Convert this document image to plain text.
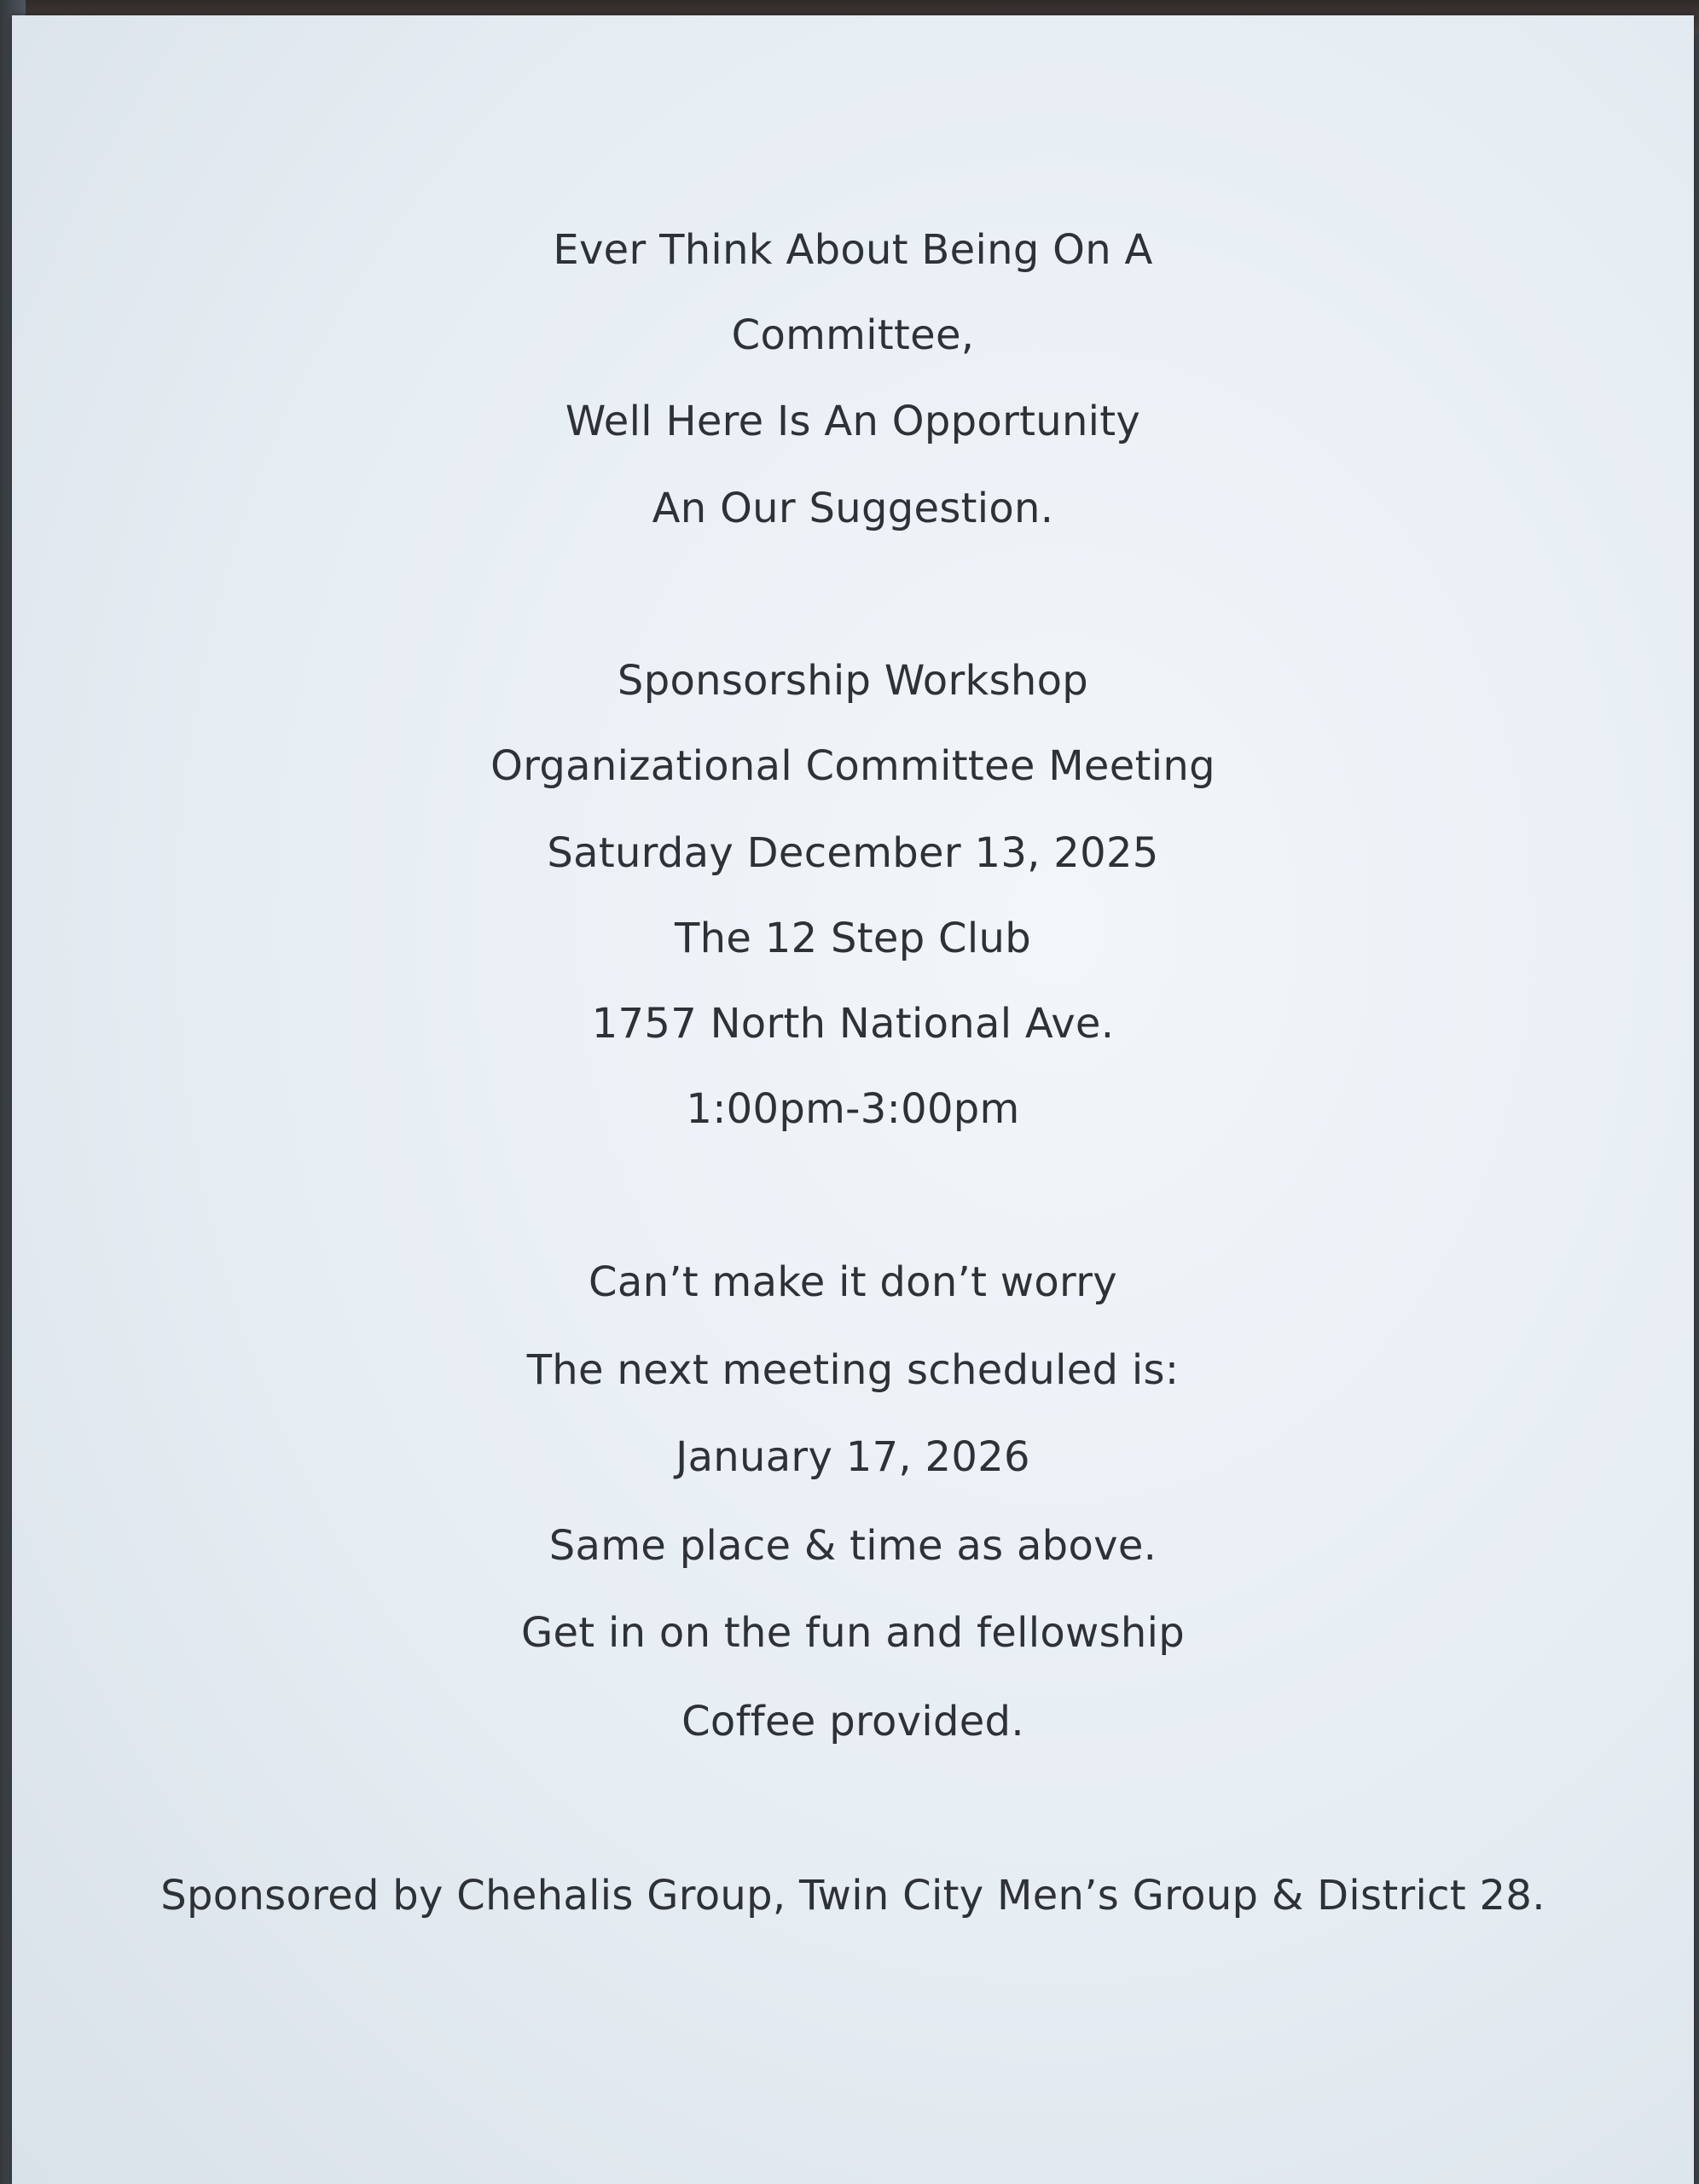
Ever Think About Being On A
Committee,
Well Here Is An Opportunity
An Our Suggestion.
Sponsorship Workshop
Organizational Committee Meeting
Saturday December 13, 2025
The 12 Step Club
1757 North National Ave.
1:00pm-3:00pm
Can’t make it don’t worry
The next meeting scheduled is:
January 17, 2026
Same place & time as above.
Get in on the fun and fellowship
Coffee provided.
Sponsored by Chehalis Group, Twin City Men’s Group & District 28.
